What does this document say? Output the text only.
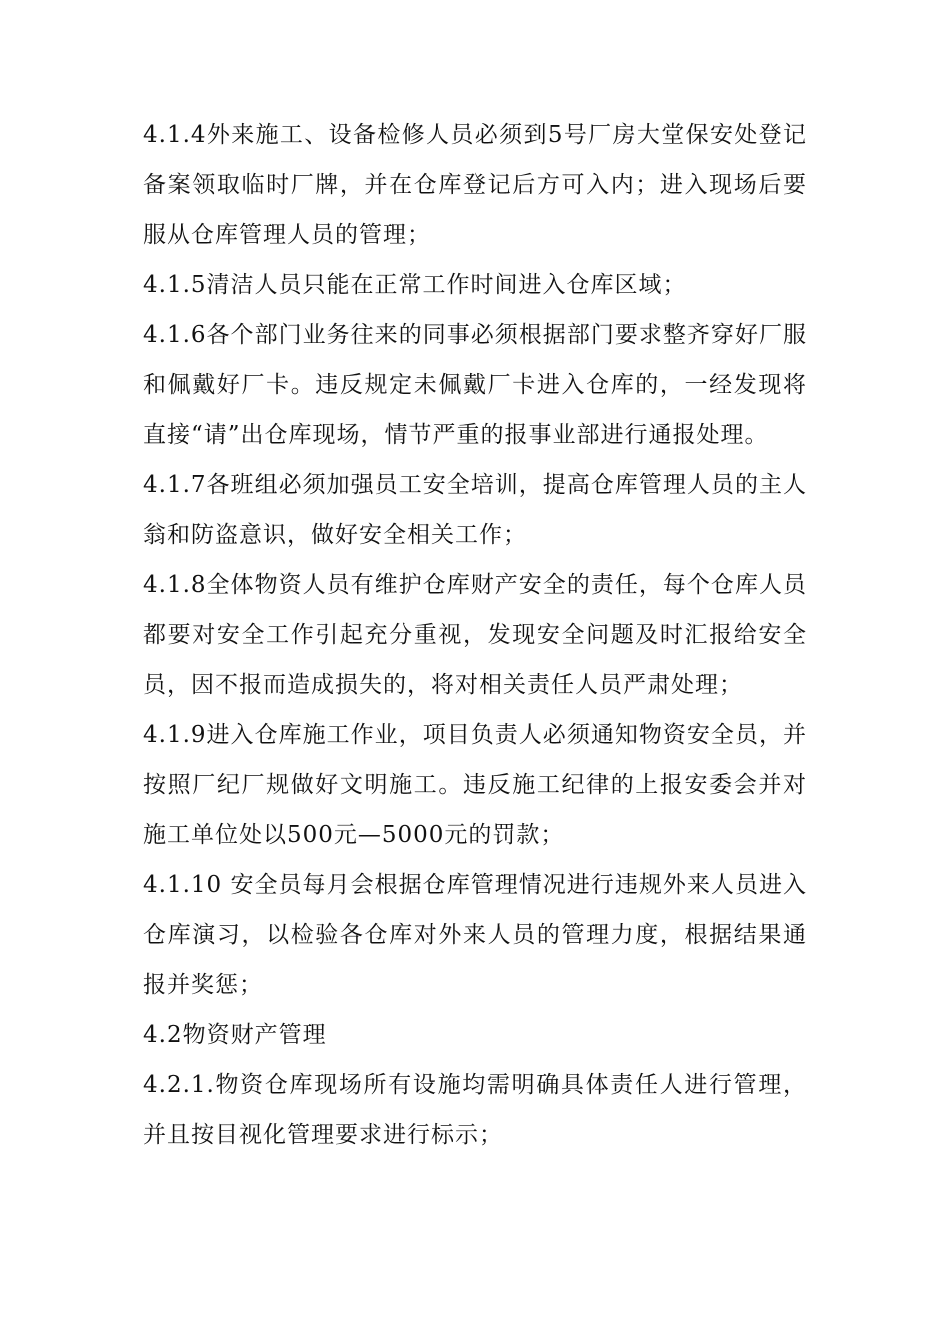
4.1.4外来施工、设备检修人员必须到5号厂房大堂保安处登记备案领取临时厂牌，并在仓库登记后方可入内；进入现场后要服从仓库管理人员的管理；

4.1.5清洁人员只能在正常工作时间进入仓库区域；

4.1.6各个部门业务往来的同事必须根据部门要求整齐穿好厂服和佩戴好厂卡。违反规定未佩戴厂卡进入仓库的，一经发现将直接“请”出仓库现场，情节严重的报事业部进行通报处理。

4.1.7各班组必须加强员工安全培训，提高仓库管理人员的主人翁和防盗意识，做好安全相关工作；

4.1.8全体物资人员有维护仓库财产安全的责任，每个仓库人员都要对安全工作引起充分重视，发现安全问题及时汇报给安全员，因不报而造成损失的，将对相关责任人员严肃处理；

4.1.9进入仓库施工作业，项目负责人必须通知物资安全员，并按照厂纪厂规做好文明施工。违反施工纪律的上报安委会并对施工单位处以500元—5000元的罚款；

4.1.10 安全员每月会根据仓库管理情况进行违规外来人员进入仓库演习，以检验各仓库对外来人员的管理力度，根据结果通报并奖惩；

4.2物资财产管理

4.2.1.物资仓库现场所有设施均需明确具体责任人进行管理，并且按目视化管理要求进行标示；
